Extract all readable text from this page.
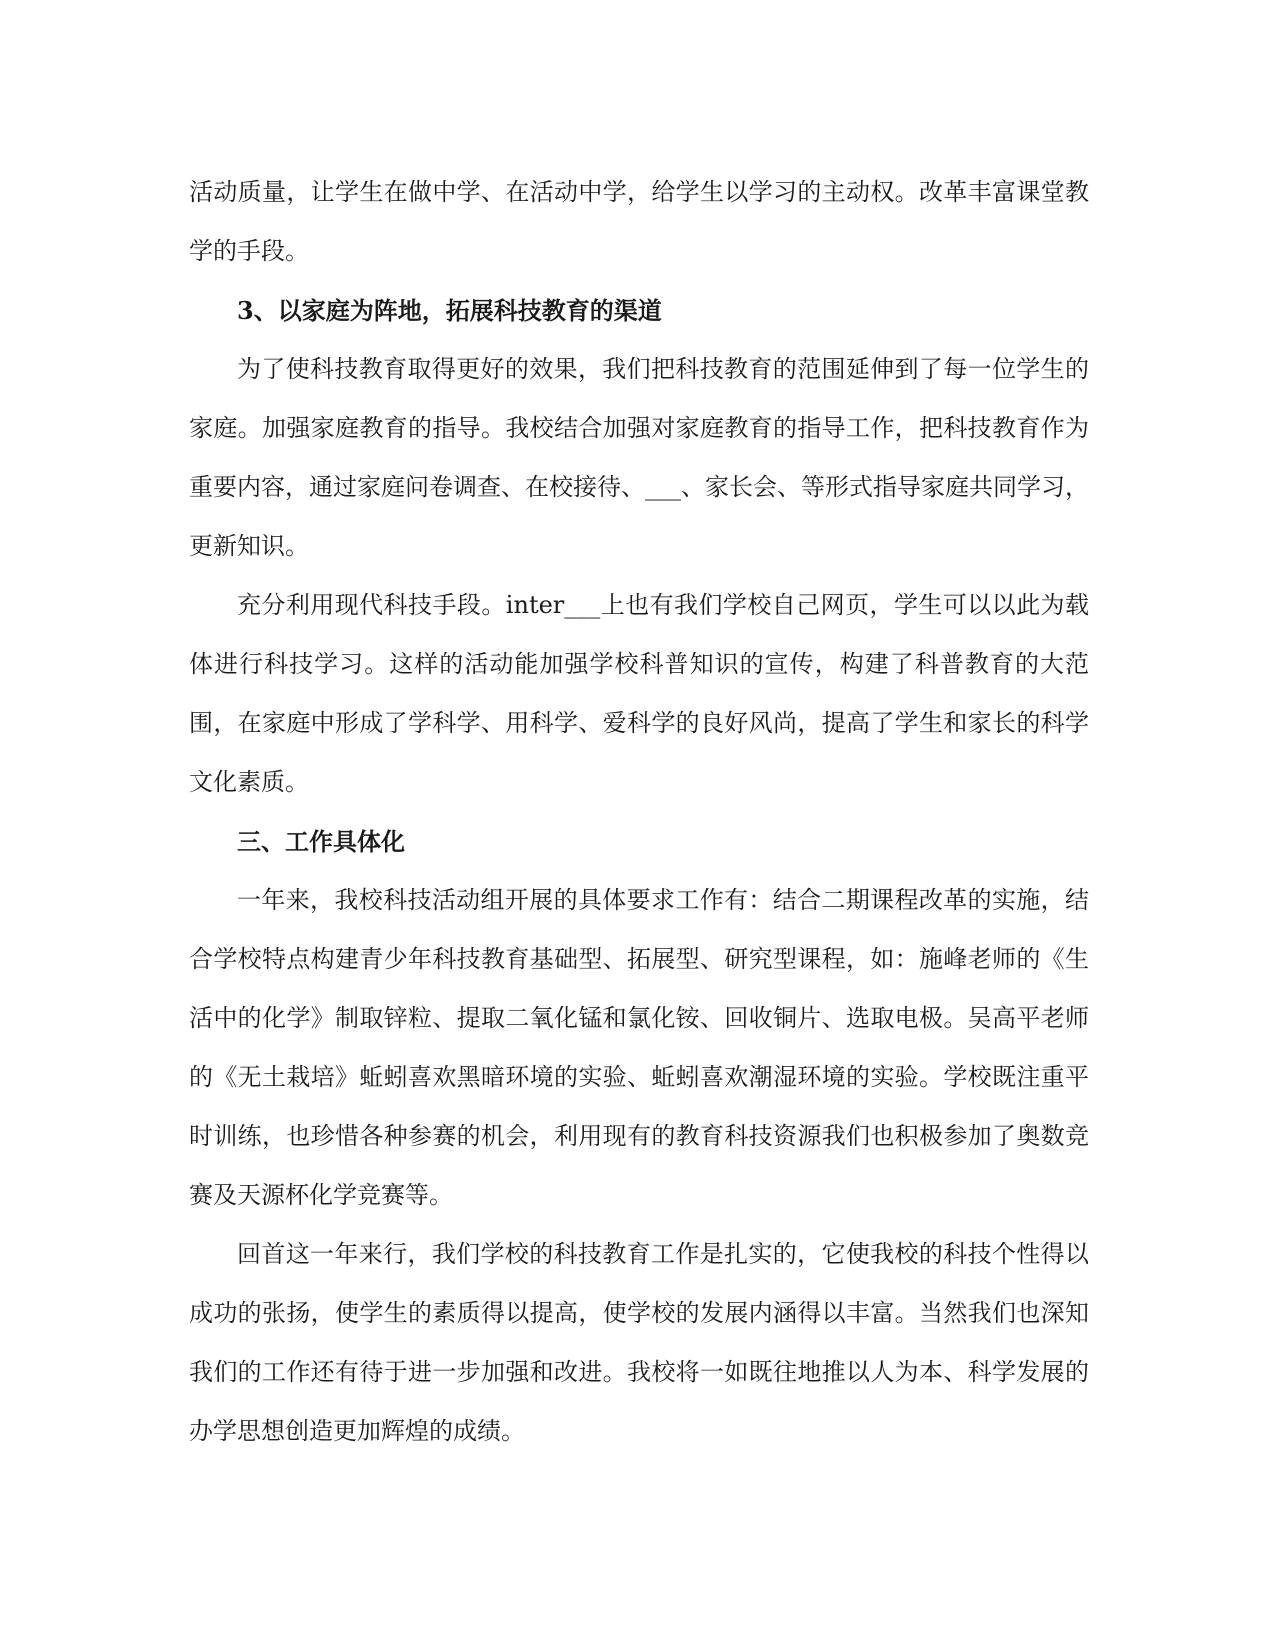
活动质量，让学生在做中学、在活动中学，给学生以学习的主动权。改革丰富课堂教学的手段。

3、以家庭为阵地，拓展科技教育的渠道

为了使科技教育取得更好的效果，我们把科技教育的范围延伸到了每一位学生的家庭。加强家庭教育的指导。我校结合加强对家庭教育的指导工作，把科技教育作为重要内容，通过家庭问卷调查、在校接待、___、家长会、等形式指导家庭共同学习，更新知识。

充分利用现代科技手段。inter___上也有我们学校自己网页，学生可以以此为载体进行科技学习。这样的活动能加强学校科普知识的宣传，构建了科普教育的大范围，在家庭中形成了学科学、用科学、爱科学的良好风尚，提高了学生和家长的科学文化素质。

三、工作具体化

一年来，我校科技活动组开展的具体要求工作有：结合二期课程改革的实施，结合学校特点构建青少年科技教育基础型、拓展型、研究型课程，如：施峰老师的《生活中的化学》制取锌粒、提取二氧化锰和氯化铵、回收铜片、选取电极。吴高平老师的《无土栽培》蚯蚓喜欢黑暗环境的实验、蚯蚓喜欢潮湿环境的实验。学校既注重平时训练，也珍惜各种参赛的机会，利用现有的教育科技资源我们也积极参加了奥数竞赛及天源杯化学竞赛等。

回首这一年来行，我们学校的科技教育工作是扎实的，它使我校的科技个性得以成功的张扬，使学生的素质得以提高，使学校的发展内涵得以丰富。当然我们也深知我们的工作还有待于进一步加强和改进。我校将一如既往地推以人为本、科学发展的办学思想创造更加辉煌的成绩。
